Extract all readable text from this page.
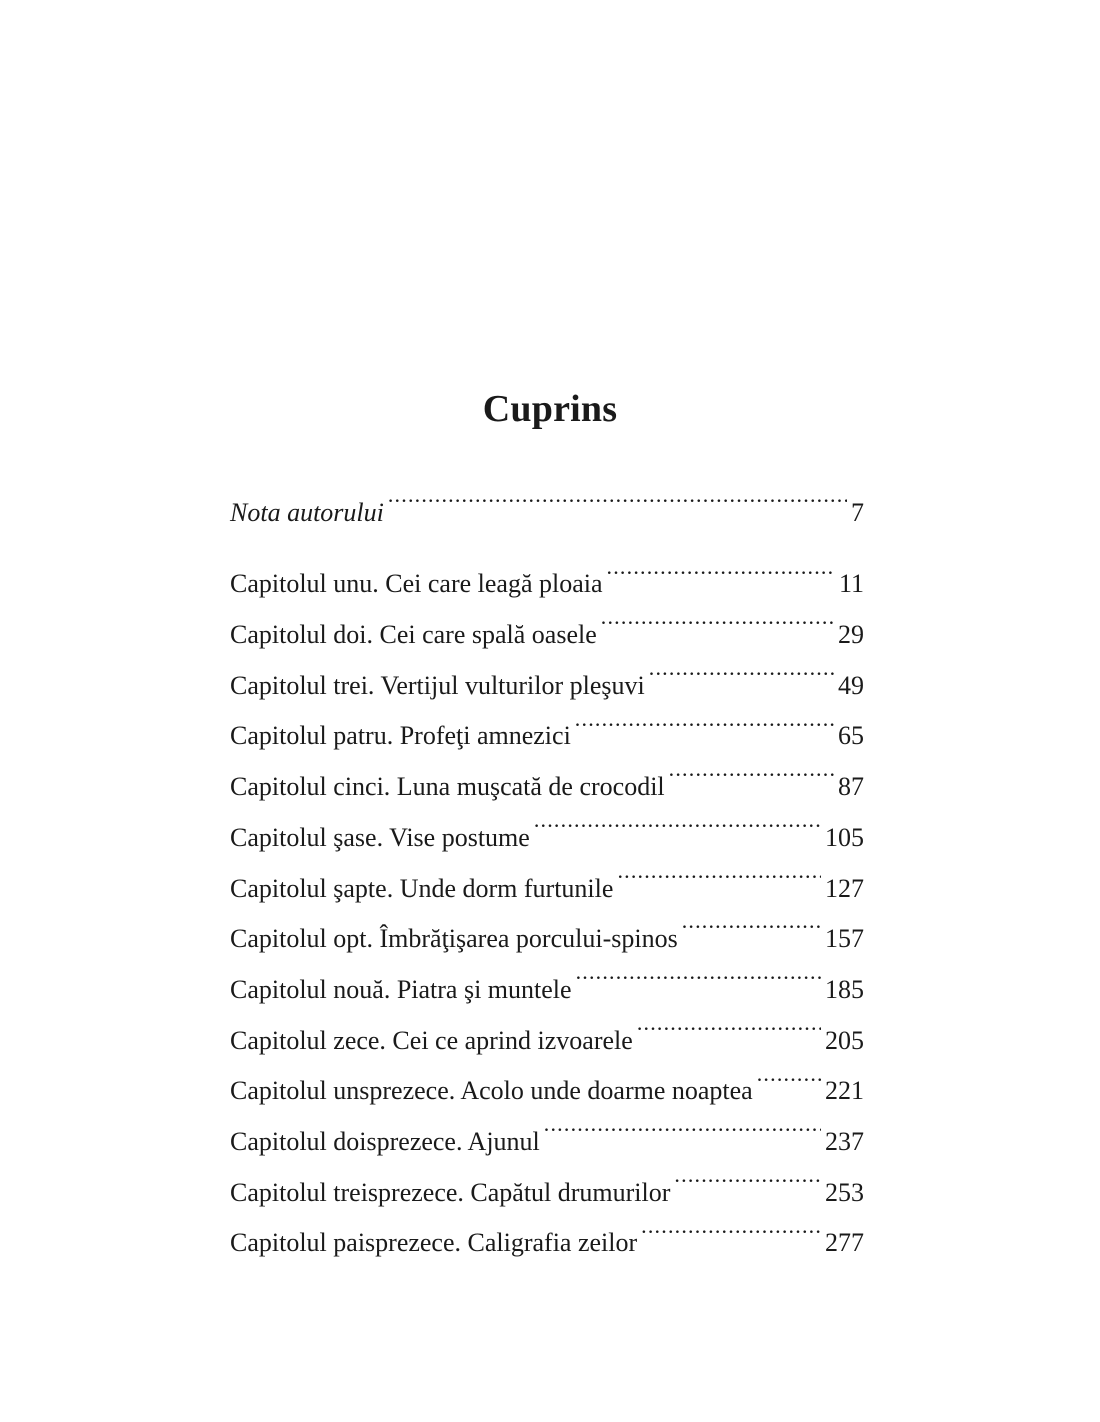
Cuprins
Nota autorului .....	7
Capitolul unu. Cei care leagă ploaia .....	11
Capitolul doi. Cei care spală oasele .....	29
Capitolul trei. Vertijul vulturilor pleşuvi .....	49
Capitolul patru. Profeţi amnezici .....	65
Capitolul cinci. Luna muşcată de crocodil .....	87
Capitolul şase. Vise postume .....	105
Capitolul şapte. Unde dorm furtunile .....	127
Capitolul opt. Îmbrăţişarea porcului-spinos .....	157
Capitolul nouă. Piatra şi muntele .....	185
Capitolul zece. Cei ce aprind izvoarele .....	205
Capitolul unsprezece. Acolo unde doarme noaptea .....	221
Capitolul doisprezece. Ajunul .....	237
Capitolul treisprezece. Capătul drumurilor .....	253
Capitolul paisprezece. Caligrafia zeilor .....	277
